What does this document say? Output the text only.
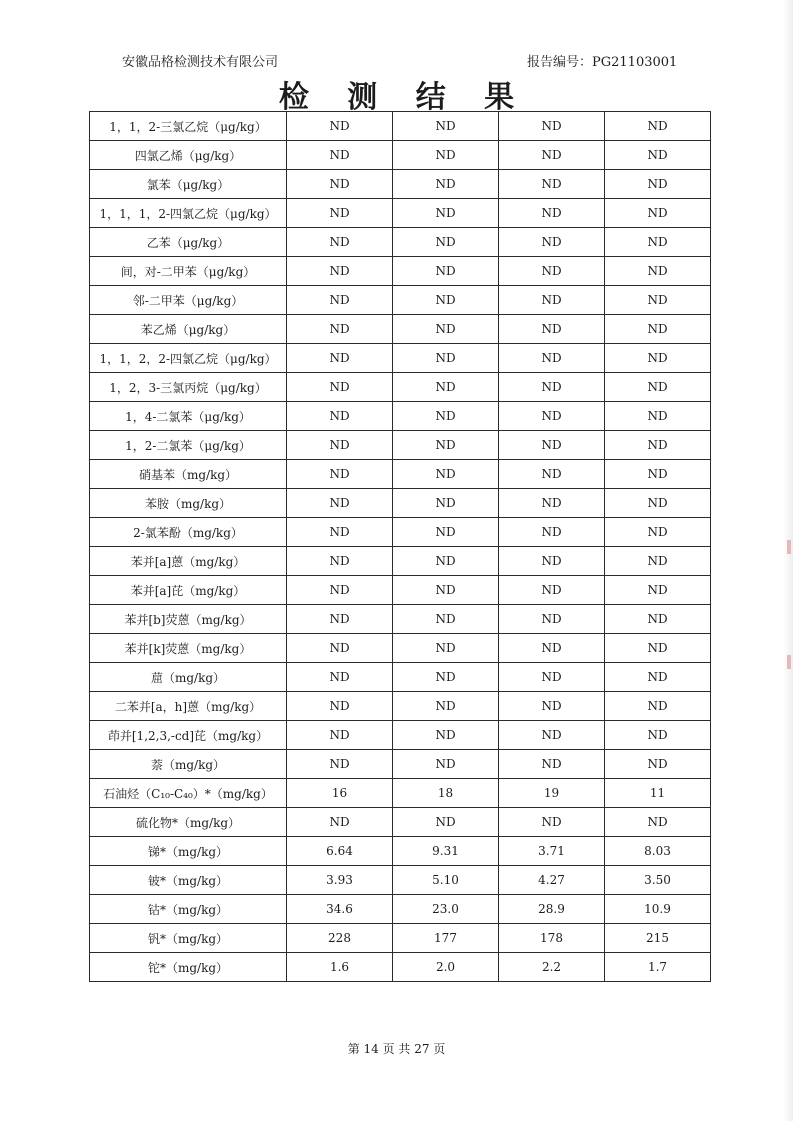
安徽品格检测技术有限公司	报告编号：PG21103001
检 测 结 果
1，1，2-三氯乙烷（μg/kg）	ND	ND	ND	ND
四氯乙烯（μg/kg）	ND	ND	ND	ND
氯苯（μg/kg）	ND	ND	ND	ND
1，1，1，2-四氯乙烷（μg/kg）	ND	ND	ND	ND
乙苯（μg/kg）	ND	ND	ND	ND
间，对-二甲苯（μg/kg）	ND	ND	ND	ND
邻-二甲苯（μg/kg）	ND	ND	ND	ND
苯乙烯（μg/kg）	ND	ND	ND	ND
1，1，2，2-四氯乙烷（μg/kg）	ND	ND	ND	ND
1，2，3-三氯丙烷（μg/kg）	ND	ND	ND	ND
1，4-二氯苯（μg/kg）	ND	ND	ND	ND
1，2-二氯苯（μg/kg）	ND	ND	ND	ND
硝基苯（mg/kg）	ND	ND	ND	ND
苯胺（mg/kg）	ND	ND	ND	ND
2-氯苯酚（mg/kg）	ND	ND	ND	ND
苯并[a]蒽（mg/kg）	ND	ND	ND	ND
苯并[a]芘（mg/kg）	ND	ND	ND	ND
苯并[b]荧蒽（mg/kg）	ND	ND	ND	ND
苯并[k]荧蒽（mg/kg）	ND	ND	ND	ND
䓛（mg/kg）	ND	ND	ND	ND
二苯并[a，h]蒽（mg/kg）	ND	ND	ND	ND
茚并[1,2,3,-cd]芘（mg/kg）	ND	ND	ND	ND
萘（mg/kg）	ND	ND	ND	ND
石油烃（C₁₀-C₄₀）*（mg/kg）	16	18	19	11
硫化物*（mg/kg）	ND	ND	ND	ND
锑*（mg/kg）	6.64	9.31	3.71	8.03
铍*（mg/kg）	3.93	5.10	4.27	3.50
钴*（mg/kg）	34.6	23.0	28.9	10.9
钒*（mg/kg）	228	177	178	215
铊*（mg/kg）	1.6	2.0	2.2	1.7
第 14 页 共 27 页
